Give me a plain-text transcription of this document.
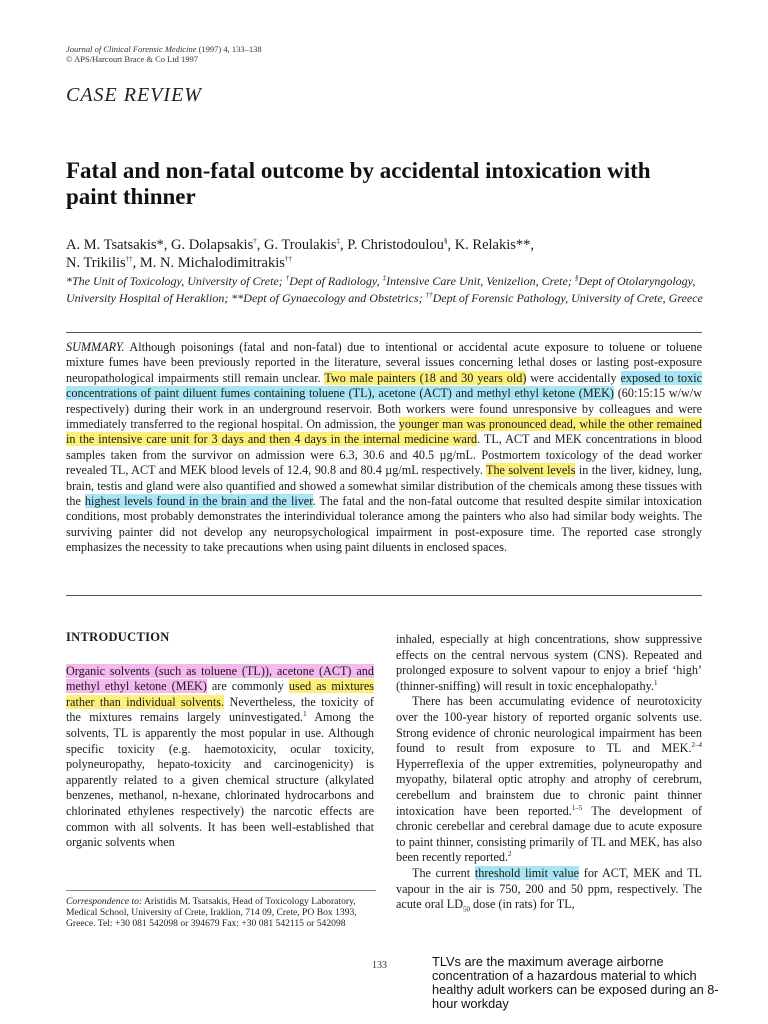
Journal of Clinical Forensic Medicine (1997) 4, 133–138
© APS/Harcourt Brace & Co Ltd 1997
CASE REVIEW
Fatal and non-fatal outcome by accidental intoxication with paint thinner
A. M. Tsatsakis*, G. Dolapsakis†, G. Troulakis‡, P. Christodoulou§, K. Relakis**,
N. Trikilis††, M. N. Michalodimitrakis††
*The Unit of Toxicology, University of Crete; †Dept of Radiology, ‡Intensive Care Unit, Venizelion, Crete; §Dept of Otolaryngology, University Hospital of Heraklion; **Dept of Gynaecology and Obstetrics; ††Dept of Forensic Pathology, University of Crete, Greece
SUMMARY. Although poisonings (fatal and non-fatal) due to intentional or accidental acute exposure to toluene or toluene mixture fumes have been previously reported in the literature, several issues concerning lethal doses or lasting post-exposure neuropathological impairments still remain unclear. Two male painters (18 and 30 years old) were accidentally exposed to toxic concentrations of paint diluent fumes containing toluene (TL), acetone (ACT) and methyl ethyl ketone (MEK) (60:15:15 w/w/w respectively) during their work in an underground reservoir. Both workers were found unresponsive by colleagues and were immediately transferred to the regional hospital. On admission, the younger man was pronounced dead, while the other remained in the intensive care unit for 3 days and then 4 days in the internal medicine ward. TL, ACT and MEK concentrations in blood samples taken from the survivor on admission were 6.3, 30.6 and 40.5 µg/mL. Postmortem toxicology of the dead worker revealed TL, ACT and MEK blood levels of 12.4, 90.8 and 80.4 µg/mL respectively. The solvent levels in the liver, kidney, lung, brain, testis and gland were also quantified and showed a somewhat similar distribution of the chemicals among these tissues with the highest levels found in the brain and the liver. The fatal and the non-fatal outcome that resulted despite similar intoxication conditions, most probably demonstrates the interindividual tolerance among the painters who also had similar body weights. The surviving painter did not develop any neuropsychological impairment in post-exposure time. The reported case strongly emphasizes the necessity to take precautions when using paint diluents in enclosed spaces.
INTRODUCTION

Organic solvents (such as toluene (TL)), acetone (ACT) and methyl ethyl ketone (MEK) are commonly used as mixtures rather than individual solvents. Nevertheless, the toxicity of the mixtures remains largely uninvestigated.$^1$ Among the solvents, TL is apparently the most popular in use. Although specific toxicity (e.g. haemotoxicity, ocular toxicity, polyneuropathy, hepato-toxicity and carcinogenicity) is apparently related to a given chemical structure (alkylated benzenes, methanol, n-hexane, chlorinated hydrocarbons and chlorinated ethylenes respectively) the narcotic effects are common with all solvents. It has been well-established that organic solvents when

Correspondence to: Aristidis M. Tsatsakis, Head of Toxicology Laboratory, Medical School, University of Crete, Iraklion, 714 09, Crete, PO Box 1393, Greece. Tel: +30 081 542098 or 394679 Fax: +30 081 542115 or 542098

inhaled, especially at high concentrations, show suppressive effects on the central nervous system (CNS). Repeated and prolonged exposure to solvent vapour to enjoy a brief ‘high’ (thinner-sniffing) will result in toxic encephalopathy.$^1$

There has been accumulating evidence of neurotoxicity over the 100-year history of reported organic solvents use. Strong evidence of chronic neurological impairment has been found to result from exposure to TL and MEK.$^{2-4}$ Hyperreflexia of the upper extremities, polyneuropathy and myopathy, bilateral optic atrophy and atrophy of cerebrum, cerebellum and brainstem due to chronic paint thinner intoxication have been reported.$^{1-5}$ The development of chronic cerebellar and cerebral damage due to acute exposure to paint thinner, consisting primarily of TL and MEK, has also been recently reported.$^2$

The current threshold limit value for ACT, MEK and TL vapour in the air is 750, 200 and 50 ppm, respectively. The acute oral $LD_{50}$ dose (in rats) for TL,

133	TLVs are the maximum average airborne concentration of a hazardous material to which healthy adult workers can be exposed during an 8-hour workday
